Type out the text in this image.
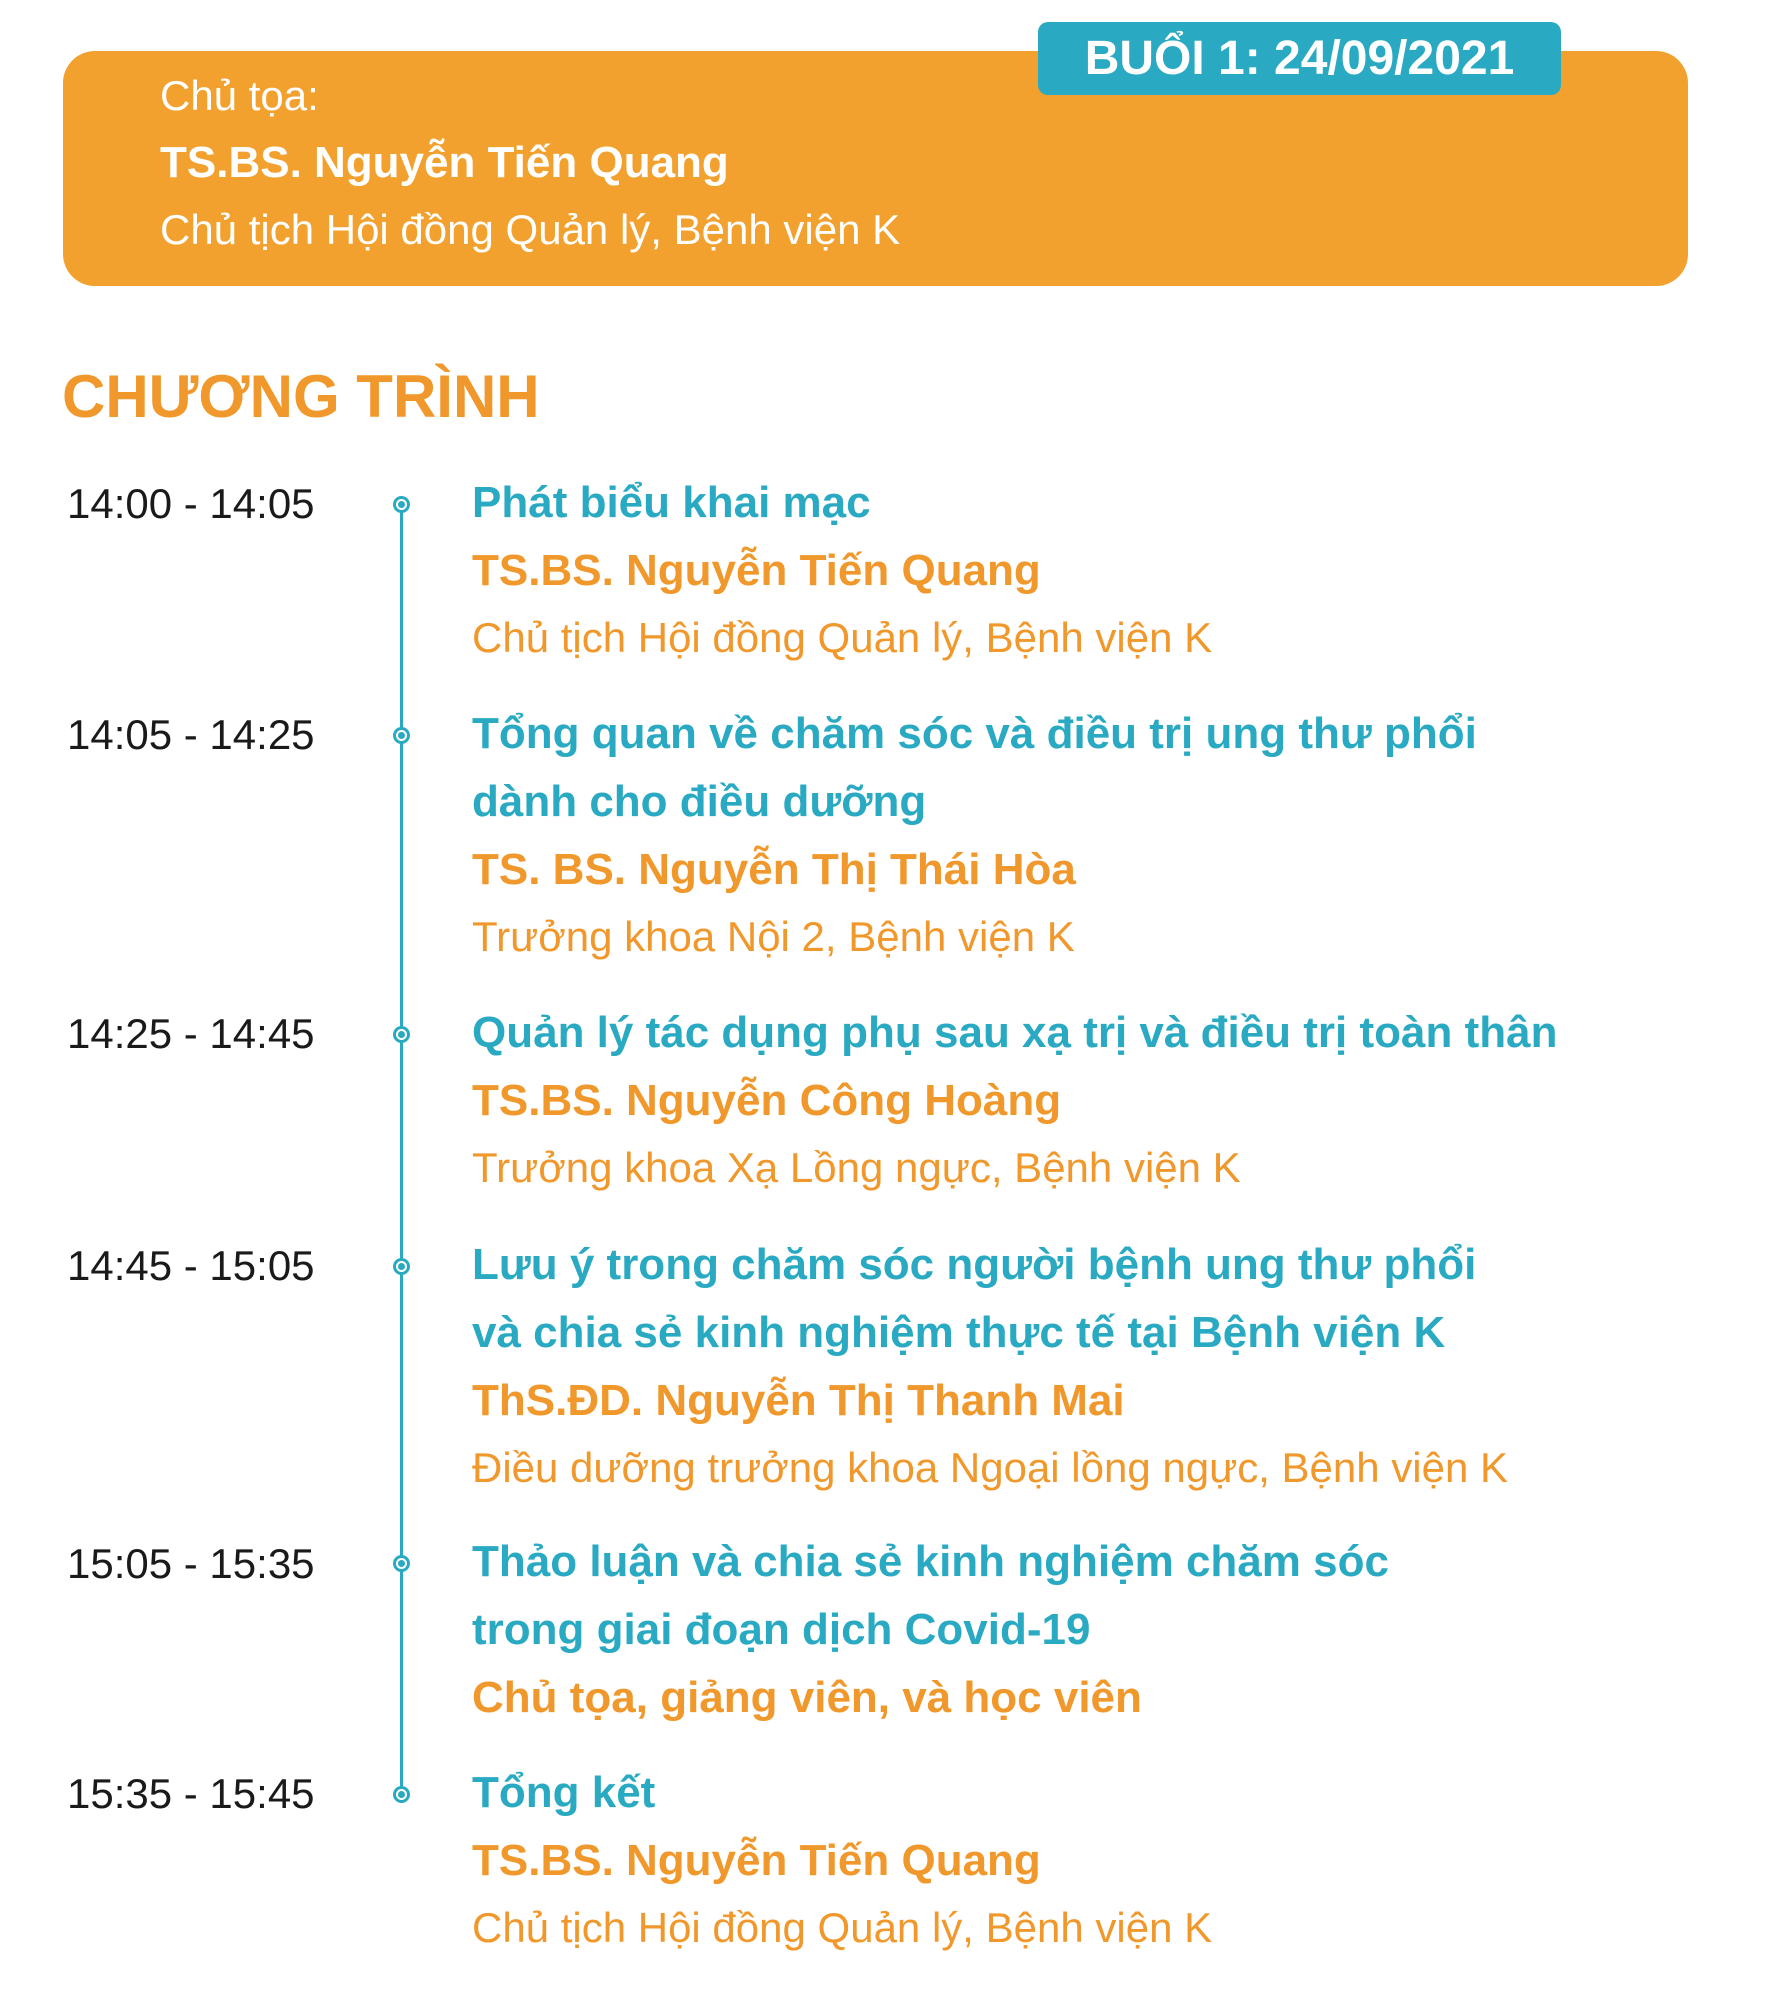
BUỔI 1: 24/09/2021
Chủ tọa:
TS.BS. Nguyễn Tiến Quang
Chủ tịch Hội đồng Quản lý, Bệnh viện K
CHƯƠNG TRÌNH
14:00 - 14:05	Phát biểu khai mạc
TS.BS. Nguyễn Tiến Quang
Chủ tịch Hội đồng Quản lý, Bệnh viện K
14:05 - 14:25	Tổng quan về chăm sóc và điều trị ung thư phổi
dành cho điều dưỡng
TS. BS. Nguyễn Thị Thái Hòa
Trưởng khoa Nội 2, Bệnh viện K
14:25 - 14:45	Quản lý tác dụng phụ sau xạ trị và điều trị toàn thân
TS.BS. Nguyễn Công Hoàng
Trưởng khoa Xạ Lồng ngực, Bệnh viện K
14:45 - 15:05	Lưu ý trong chăm sóc người bệnh ung thư phổi
và chia sẻ kinh nghiệm thực tế tại Bệnh viện K
ThS.ĐD. Nguyễn Thị Thanh Mai
Điều dưỡng trưởng khoa Ngoại lồng ngực, Bệnh viện K
15:05 - 15:35	Thảo luận và chia sẻ kinh nghiệm chăm sóc
trong giai đoạn dịch Covid-19
Chủ tọa, giảng viên, và học viên
15:35 - 15:45	Tổng kết
TS.BS. Nguyễn Tiến Quang
Chủ tịch Hội đồng Quản lý, Bệnh viện K
